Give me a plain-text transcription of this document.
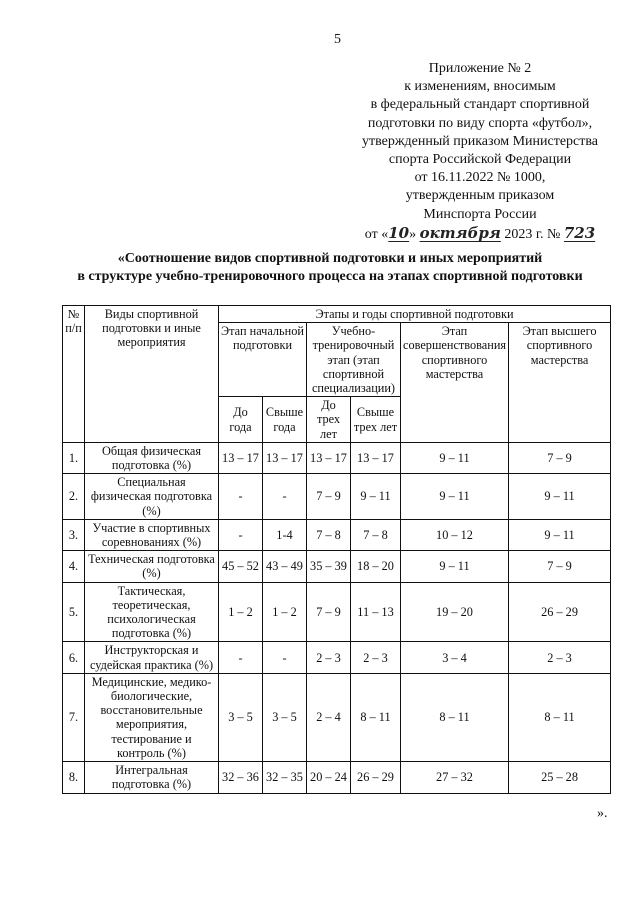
5
Приложение № 2
к изменениям, вносимым
в федеральный стандарт спортивной
подготовки по виду спорта «футбол»,
утвержденный приказом Министерства
спорта Российской Федерации
от 16.11.2022 № 1000,
утвержденным приказом
Минспорта России
от «10» октября 2023 г. № 723
«Соотношение видов спортивной подготовки и иных мероприятий
в структуре учебно-тренировочного процесса на этапах спортивной подготовки
№ п/п	Виды спортивной подготовки и иные мероприятия	Этапы и годы спортивной подготовки					
		Этап начальной подготовки		Учебно-тренировочный этап (этап спортивной специализации)		Этап совершенствования спортивного мастерства	Этап высшего спортивного мастерства
		До года	Свыше года	До трех лет	Свыше трех лет		
1.	Общая физическая подготовка (%)	13 – 17	13 – 17	13 – 17	13 – 17	9 – 11	7 – 9
2.	Специальная физическая подготовка (%)	-	-	7 – 9	9 – 11	9 – 11	9 – 11
3.	Участие в спортивных соревнованиях (%)	-	1-4	7 – 8	7 – 8	10 – 12	9 – 11
4.	Техническая подготовка (%)	45 – 52	43 – 49	35 – 39	18 – 20	9 – 11	7 – 9
5.	Тактическая, теоретическая, психологическая подготовка (%)	1 – 2	1 – 2	7 – 9	11 – 13	19 – 20	26 – 29
6.	Инструкторская и судейская практика (%)	-	-	2 – 3	2 – 3	3 – 4	2 – 3
7.	Медицинские, медико-биологические, восстановительные мероприятия, тестирование и контроль (%)	3 – 5	3 – 5	2 – 4	8 – 11	8 – 11	8 – 11
8.	Интегральная подготовка (%)	32 – 36	32 – 35	20 – 24	26 – 29	27 – 32	25 – 28
».
